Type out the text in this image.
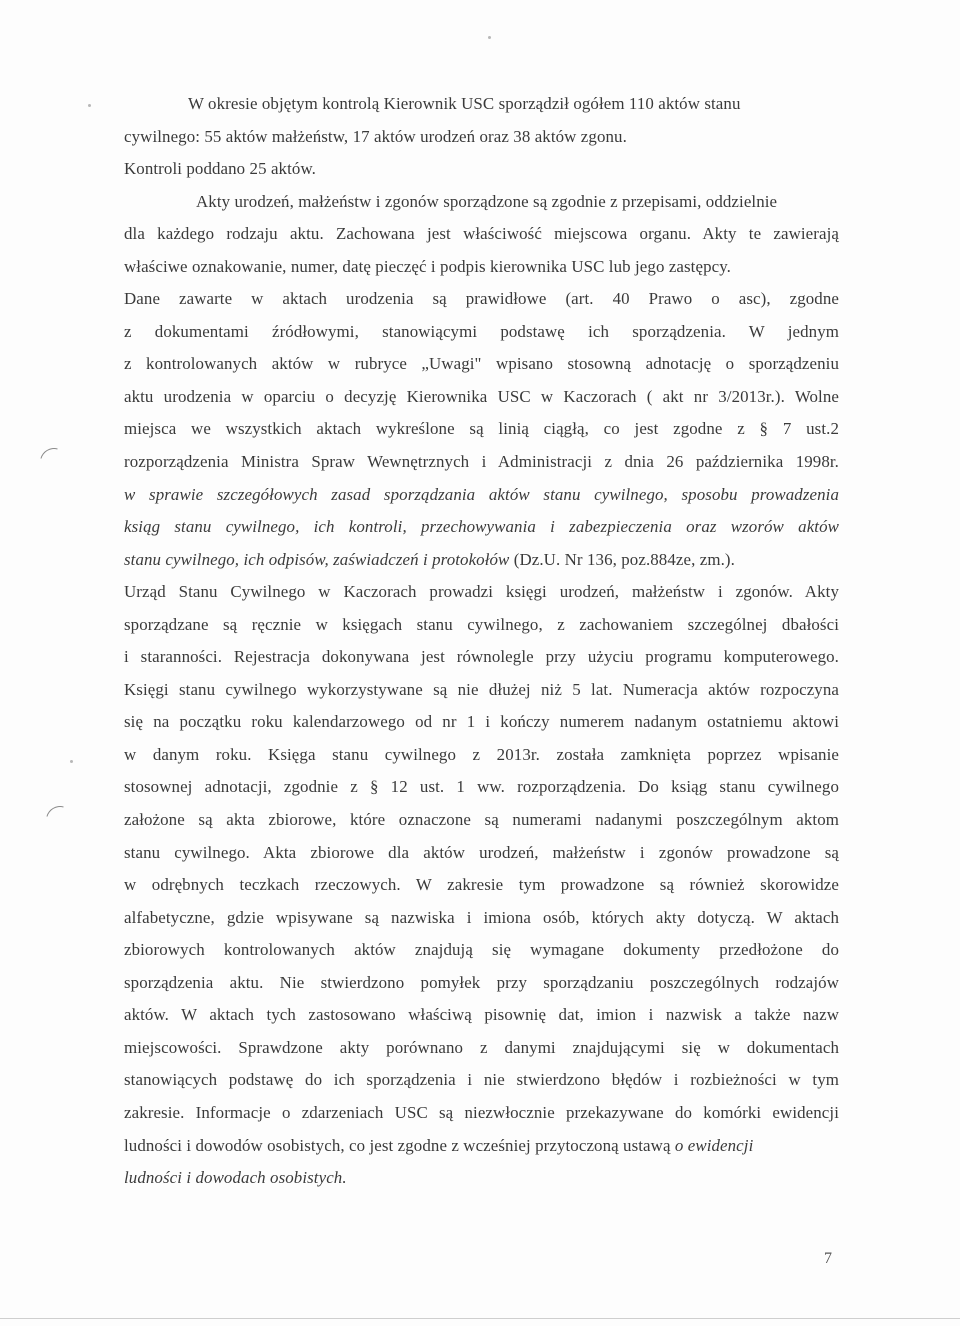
W okresie objętym kontrolą Kierownik USC sporządził ogółem 110 aktów stanu
cywilnego: 55 aktów małżeństw, 17 aktów urodzeń oraz 38 aktów zgonu.
Kontroli poddano 25 aktów.
Akty urodzeń, małżeństw i zgonów sporządzone są zgodnie z przepisami, oddzielnie
dla każdego rodzaju aktu. Zachowana jest właściwość miejscowa organu. Akty te zawierają
właściwe oznakowanie, numer, datę pieczęć i podpis kierownika USC lub jego zastępcy.
Dane zawarte w aktach urodzenia są prawidłowe (art. 40 Prawo o asc), zgodne
z dokumentami źródłowymi, stanowiącymi podstawę ich sporządzenia. W jednym
z kontrolowanych aktów w rubryce „Uwagi" wpisano stosowną adnotację o sporządzeniu
aktu urodzenia w oparciu o decyzję Kierownika USC w Kaczorach ( akt nr 3/2013r.). Wolne
miejsca we wszystkich aktach wykreślone są linią ciągłą, co jest zgodne z § 7 ust.2
rozporządzenia Ministra Spraw Wewnętrznych i Administracji z dnia 26 października 1998r.
w sprawie szczegółowych zasad sporządzania aktów stanu cywilnego, sposobu prowadzenia
ksiąg stanu cywilnego, ich kontroli, przechowywania i zabezpieczenia oraz wzorów aktów
stanu cywilnego, ich odpisów, zaświadczeń i protokołów (Dz.U. Nr 136, poz.884ze, zm.).
Urząd Stanu Cywilnego w Kaczorach prowadzi księgi urodzeń, małżeństw i zgonów. Akty
sporządzane są ręcznie w księgach stanu cywilnego, z zachowaniem szczególnej dbałości
i staranności. Rejestracja dokonywana jest równolegle przy użyciu programu komputerowego.
Księgi stanu cywilnego wykorzystywane są nie dłużej niż 5 lat. Numeracja aktów rozpoczyna
się na początku roku kalendarzowego od nr 1 i kończy numerem nadanym ostatniemu aktowi
w danym roku. Księga stanu cywilnego z 2013r. została zamknięta poprzez wpisanie
stosownej adnotacji, zgodnie z § 12 ust. 1 ww. rozporządzenia. Do ksiąg stanu cywilnego
założone są akta zbiorowe, które oznaczone są numerami nadanymi poszczególnym aktom
stanu cywilnego. Akta zbiorowe dla aktów urodzeń, małżeństw i zgonów prowadzone są
w odrębnych teczkach rzeczowych. W zakresie tym prowadzone są również skorowidze
alfabetyczne, gdzie wpisywane są nazwiska i imiona osób, których akty dotyczą. W aktach
zbiorowych kontrolowanych aktów znajdują się wymagane dokumenty przedłożone do
sporządzenia aktu. Nie stwierdzono pomyłek przy sporządzaniu poszczególnych rodzajów
aktów. W aktach tych zastosowano właściwą pisownię dat, imion i nazwisk a także nazw
miejscowości. Sprawdzone akty porównano z danymi znajdującymi się w dokumentach
stanowiących podstawę do ich sporządzenia i nie stwierdzono błędów i rozbieżności w tym
zakresie. Informacje o zdarzeniach USC są niezwłocznie przekazywane do komórki ewidencji
ludności i dowodów osobistych, co jest zgodne z wcześniej przytoczoną ustawą o ewidencji
ludności i dowodach osobistych.
7
